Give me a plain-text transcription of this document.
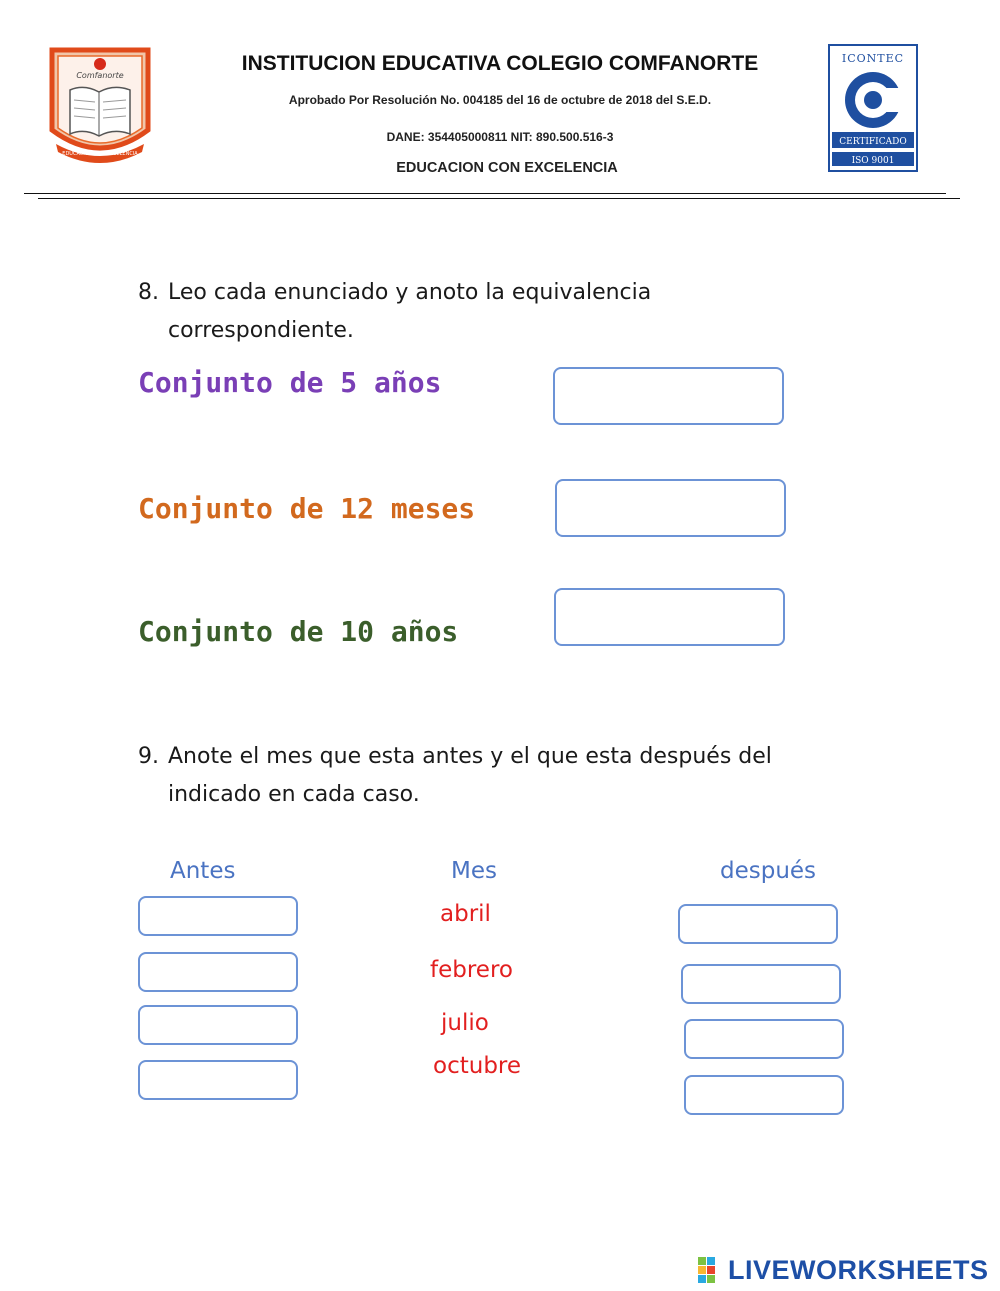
Comfanorte
EDUCACION CON EXCELENCIA
ICONTEC
CERTIFICADO
ISO 9001
INSTITUCION EDUCATIVA COLEGIO COMFANORTE
Aprobado Por Resolución No. 004185 del 16 de octubre de 2018 del S.E.D.
DANE: 354405000811 NIT: 890.500.516-3
EDUCACION CON EXCELENCIA
8. Leo cada enunciado y anoto la equivalencia
correspondiente.
Conjunto de 5 años
Conjunto de 12 meses
Conjunto de 10 años
9. Anote el mes que esta antes y el que esta después del
indicado en cada caso.
Antes	Mes	después
abril
febrero
julio
octubre
LIVEWORKSHEETS
